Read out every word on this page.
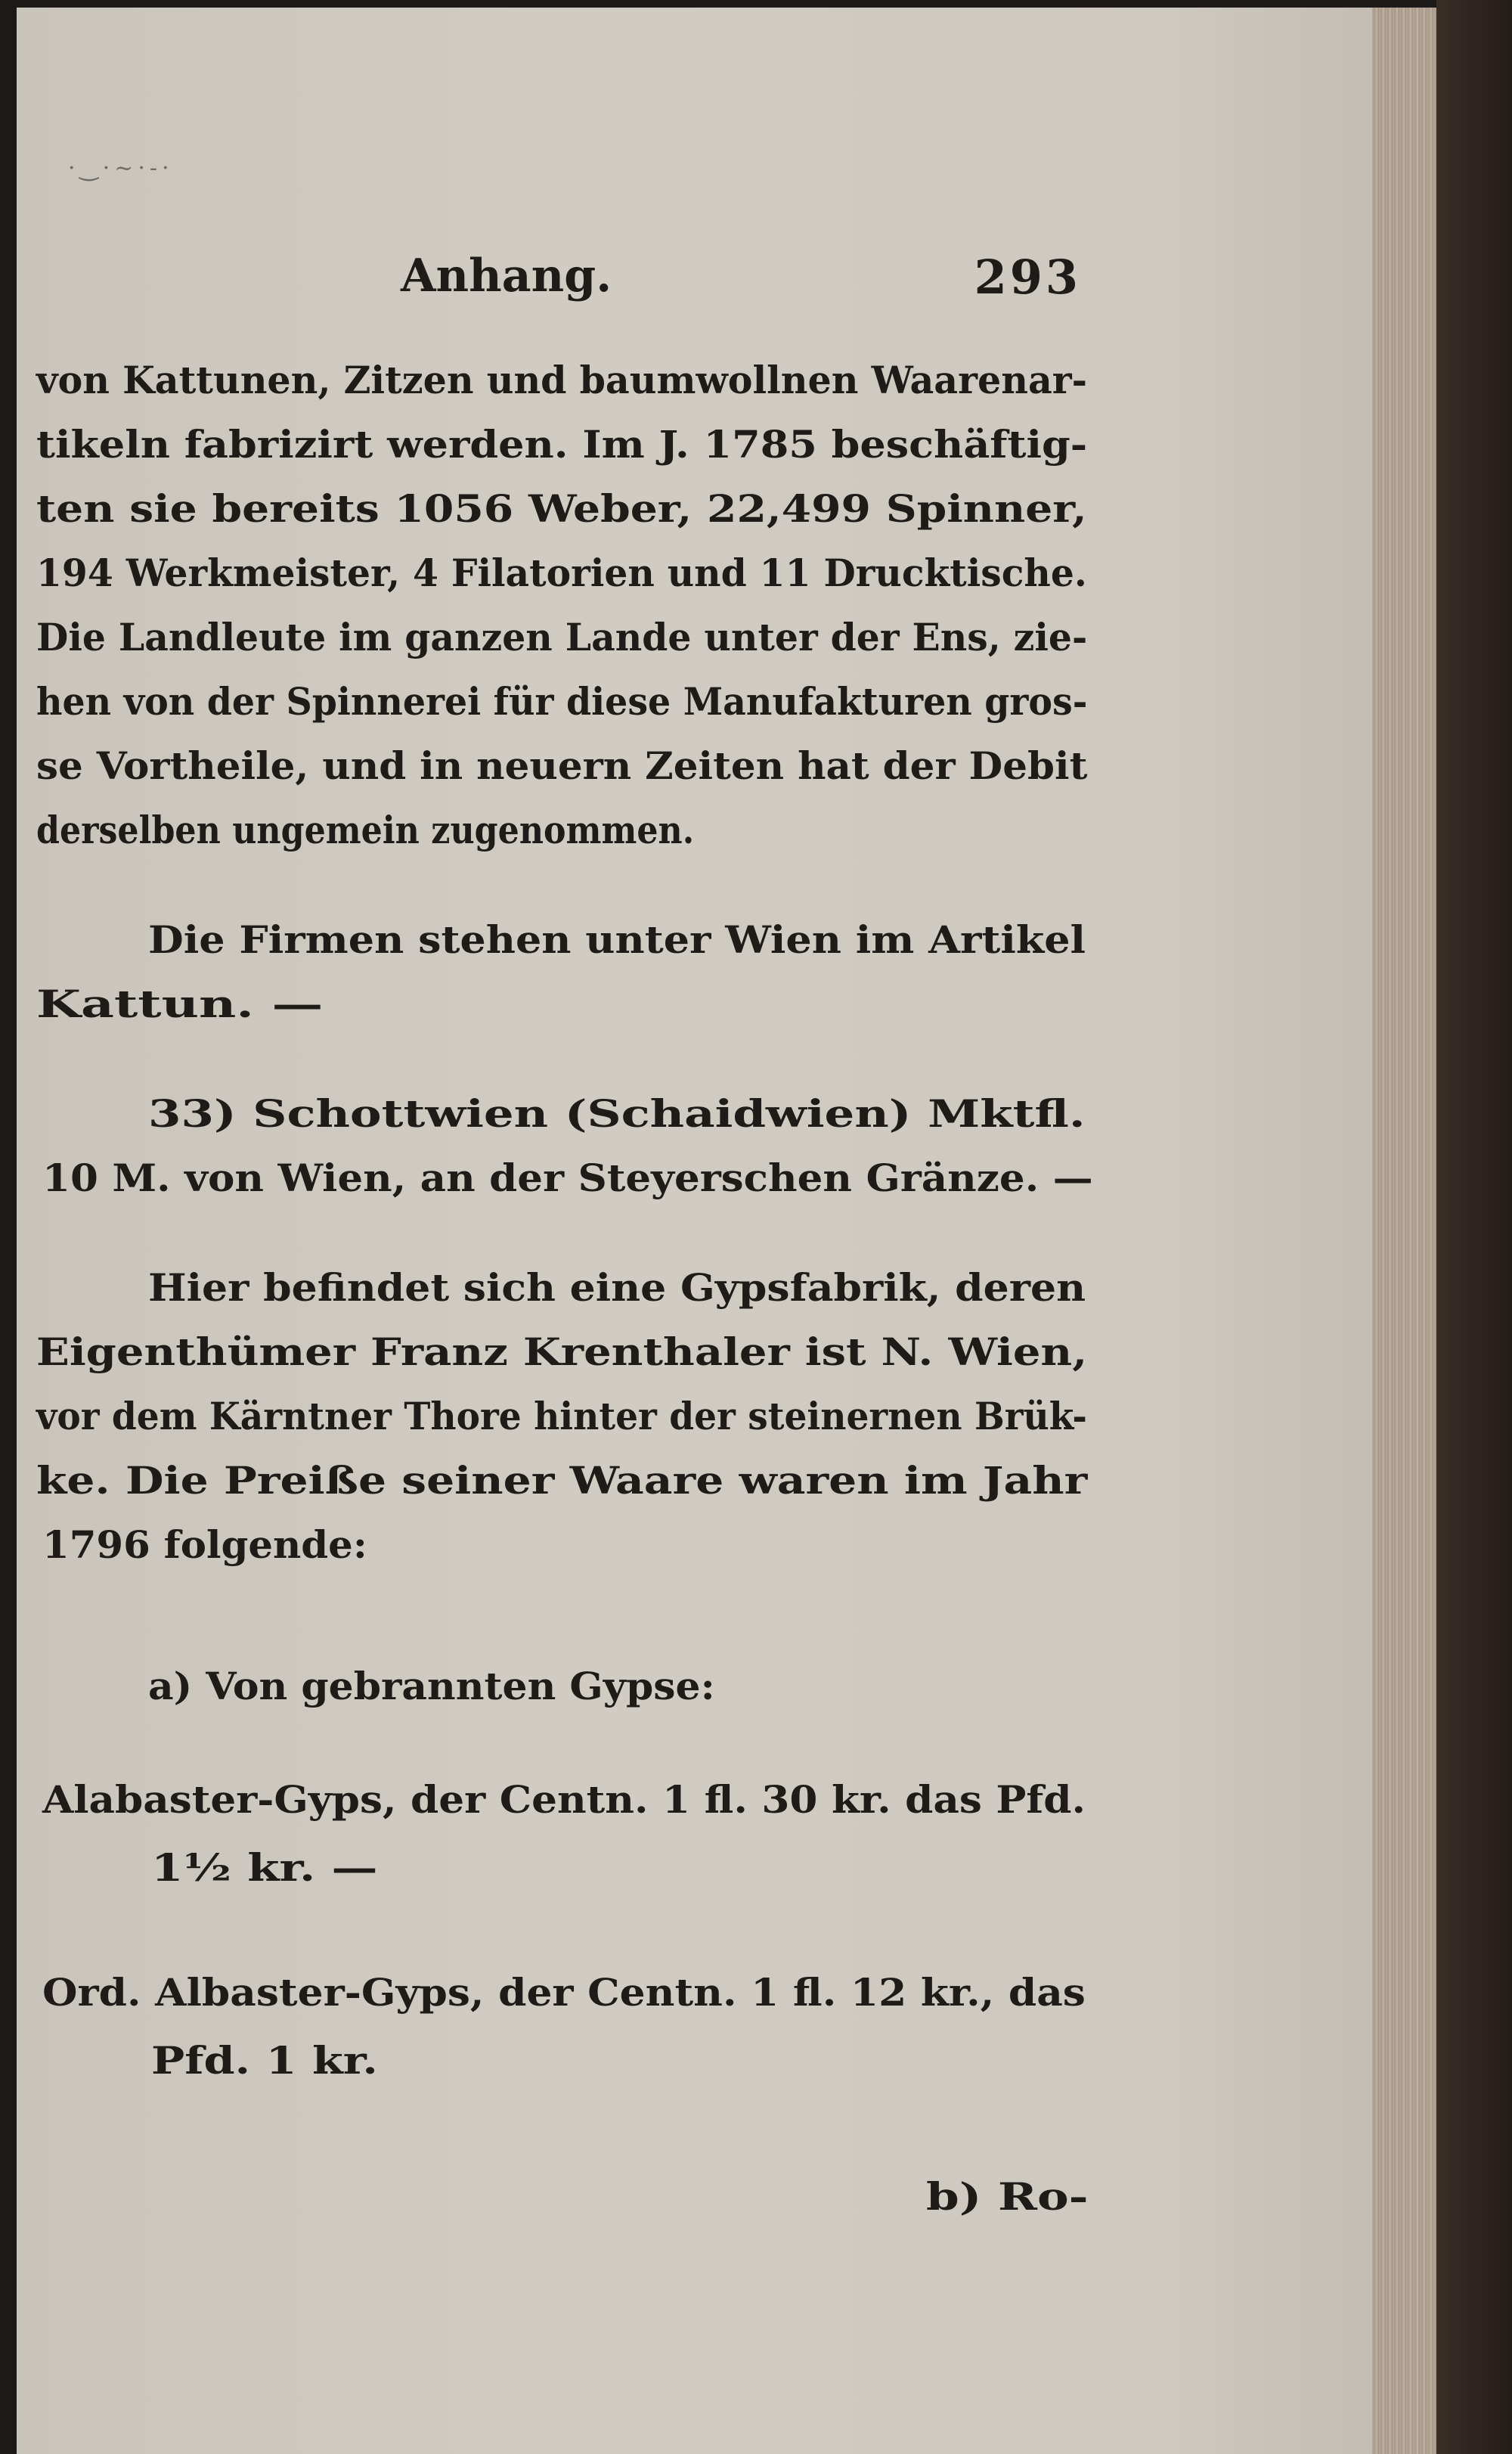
·‿·~·-·
Anhang.	293

von Kattunen, Zitzen und baumwollnen Waarenar-

tikeln fabrizirt werden. Im J. 1785 beschäftig-

ten sie bereits 1056 Weber, 22,499 Spinner,

194 Werkmeister, 4 Filatorien und 11 Drucktische.

Die Landleute im ganzen Lande unter der Ens, zie-

hen von der Spinnerei für diese Manufakturen gros-

se Vortheile, und in neuern Zeiten hat der Debit

derselben ungemein zugenommen.

Die Firmen stehen unter Wien im Artikel

Kattun. —

33) Schottwien (Schaidwien) Mktfl.

10 M. von Wien, an der Steyerschen Gränze. —

Hier befindet sich eine Gypsfabrik, deren

Eigenthümer Franz Krenthaler ist N. Wien,

vor dem Kärntner Thore hinter der steinernen Brük-

ke. Die Preiße seiner Waare waren im Jahr

1796 folgende:

a) Von gebrannten Gypse:

Alabaster-Gyps, der Centn. 1 fl. 30 kr. das Pfd.

1½ kr. —

Ord. Albaster-Gyps, der Centn. 1 fl. 12 kr., das

Pfd. 1 kr.

b) Ro-
